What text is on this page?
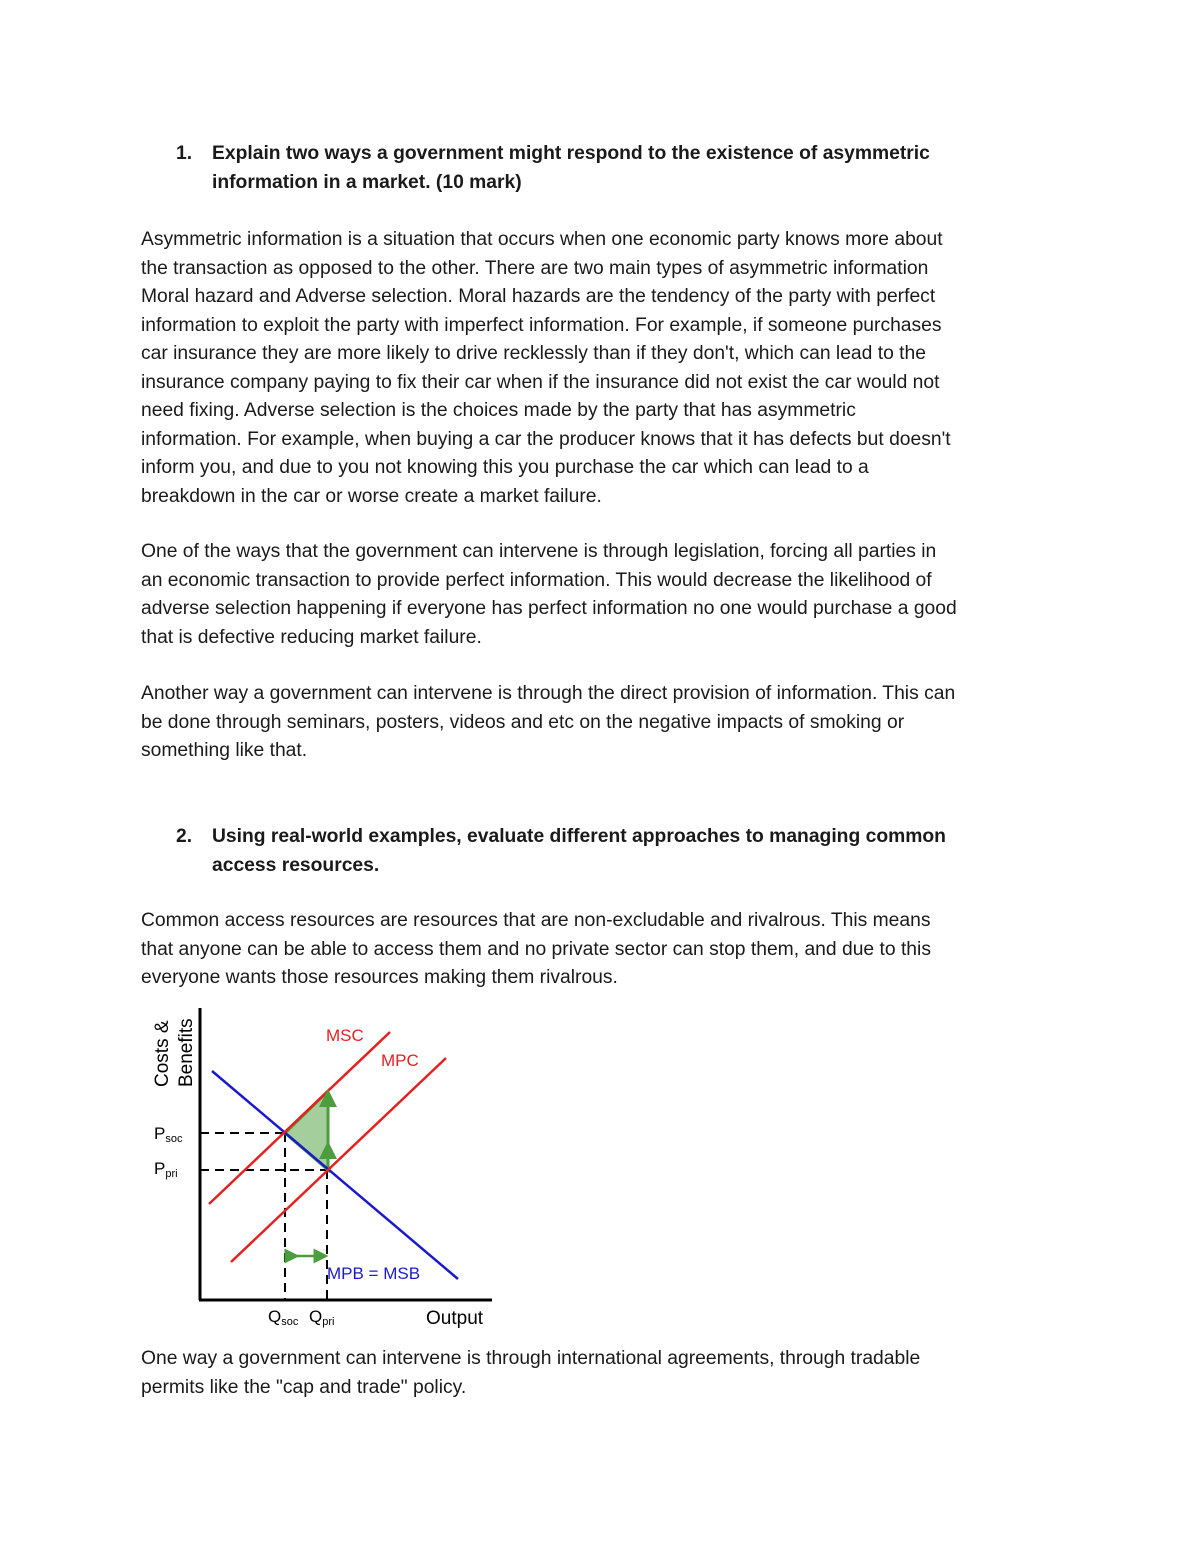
1. Explain two ways a government might respond to the existence of asymmetric
information in a market. (10 mark)
Asymmetric information is a situation that occurs when one economic party knows more about
the transaction as opposed to the other. There are two main types of asymmetric information
Moral hazard and Adverse selection. Moral hazards are the tendency of the party with perfect
information to exploit the party with imperfect information. For example, if someone purchases
car insurance they are more likely to drive recklessly than if they don't, which can lead to the
insurance company paying to fix their car when if the insurance did not exist the car would not
need fixing. Adverse selection is the choices made by the party that has asymmetric
information. For example, when buying a car the producer knows that it has defects but doesn't
inform you, and due to you not knowing this you purchase the car which can lead to a
breakdown in the car or worse create a market failure.
One of the ways that the government can intervene is through legislation, forcing all parties in
an economic transaction to provide perfect information. This would decrease the likelihood of
adverse selection happening if everyone has perfect information no one would purchase a good
that is defective reducing market failure.
Another way a government can intervene is through the direct provision of information. This can
be done through seminars, posters, videos and etc on the negative impacts of smoking or
something like that.
2. Using real-world examples, evaluate different approaches to managing common
access resources.
Common access resources are resources that are non-excludable and rivalrous. This means
that anyone can be able to access them and no private sector can stop them, and due to this
everyone wants those resources making them rivalrous.
MSC
MPC
MPB = MSB
Output
Costs & Benefits
Psoc
Ppri
Qsoc Qpri
One way a government can intervene is through international agreements, through tradable
permits like the "cap and trade" policy.
